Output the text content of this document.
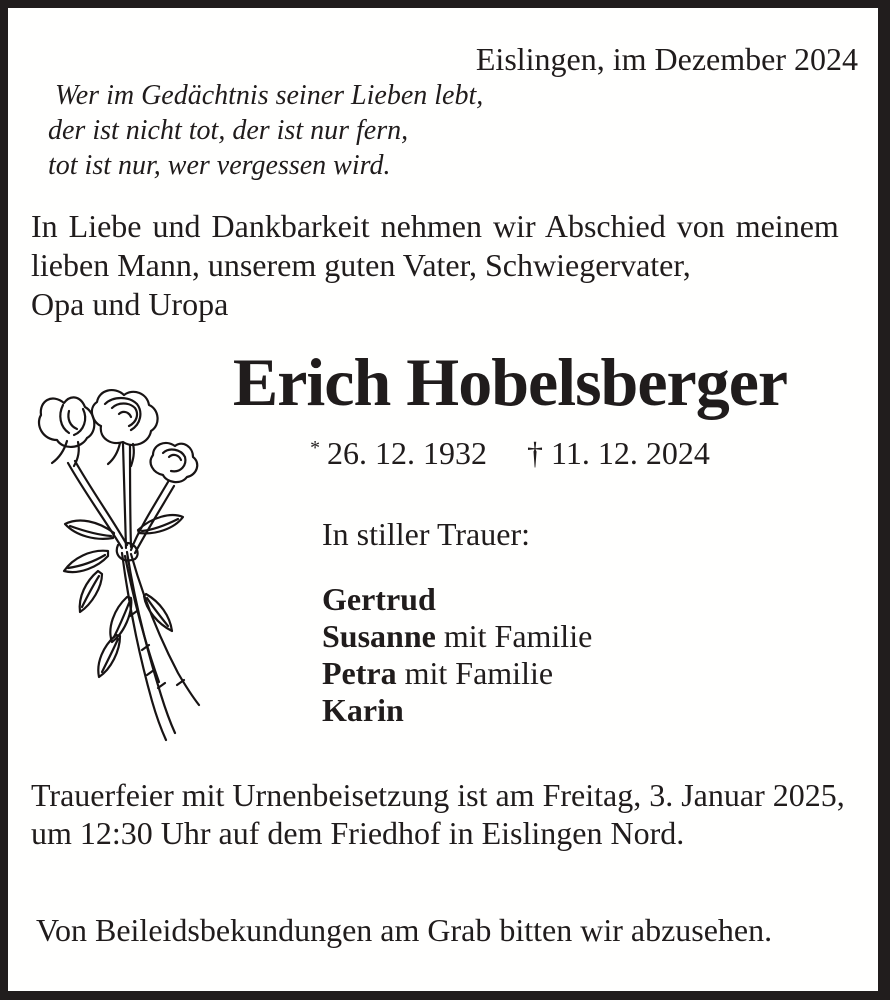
Eislingen, im Dezember 2024
Wer im Gedächtnis seiner Lieben lebt,
der ist nicht tot, der ist nur fern,
tot ist nur, wer vergessen wird.
In Liebe und Dankbarkeit nehmen wir Abschied von meinem
lieben Mann, unserem guten Vater, Schwiegervater,
Opa und Uropa
Erich Hobelsberger
* 26. 12. 1932 † 11. 12. 2024
In stiller Trauer:
Gertrud
Susanne mit Familie
Petra mit Familie
Karin
Trauerfeier mit Urnenbeisetzung ist am Freitag, 3. Januar 2025,
um 12:30 Uhr auf dem Friedhof in Eislingen Nord.
Von Beileidsbekundungen am Grab bitten wir abzusehen.
